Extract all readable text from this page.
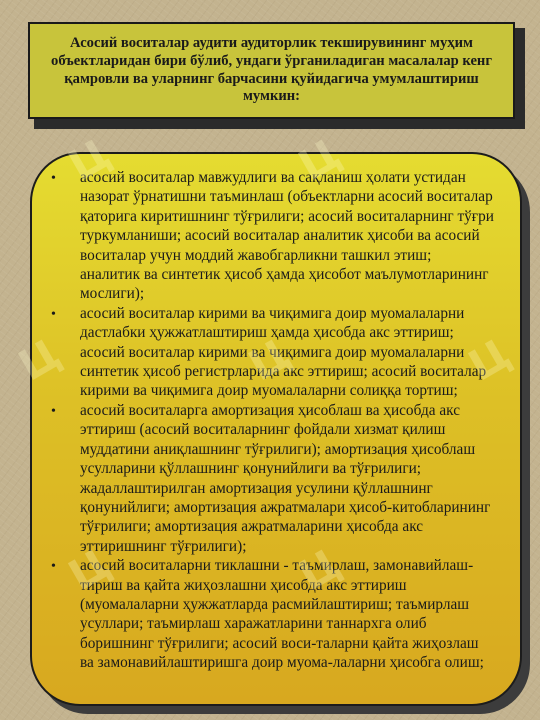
Асосий воситалар аудити аудиторлик текширувининг муҳим объектларидан бири бўлиб, ундаги ўрганиладиган масалалар кенг қамровли ва уларнинг барчасини қуйидагича умумлаштириш мумкин:

• асосий воситалар мавжудлиги ва сақланиш ҳолати устидан назорат ўрнатишни таъминлаш (объектларни асосий воситалар қаторига киритишнинг тўғрилиги; асосий воситаларнинг тўғри туркумланиши; асосий воситалар аналитик ҳисоби ва асосий воситалар учун моддий жавобгарликни ташкил этиш; аналитик ва синтетик ҳисоб ҳамда ҳисобот маълумотларининг мослиги);
• асосий воситалар кирими ва чиқимига доир муомалаларни дастлабки ҳужжатлаштириш ҳамда ҳисобда акс эттириш; асосий воситалар кирими ва чиқимига доир муомалаларни синтетик ҳисоб регистрларида акс эттириш; асосий воситалар кирими ва чиқимига доир муомалаларни солиққа тортиш;
• асосий воситаларга амортизация ҳисоблаш ва ҳисобда акс эттириш (асосий воситаларнинг фойдали хизмат қилиш муддатини аниқлашнинг тўғрилиги); амортизация ҳисоблаш усулларини қўллашнинг қонунийлиги ва тўғрилиги; жадаллаштирилган амортизация усулини қўллашнинг қонунийлиги; амортизация ажратмалари ҳисоб-китобларининг тўғрилиги; амортизация ажратмаларини ҳисобда акс эттиришнинг тўғрилиги);
• асосий воситаларни тиклашни - таъмирлаш, замонавийлаш-тириш ва қайта жиҳозлашни ҳисобда акс эттириш (муомалаларни ҳужжатларда расмийлаштириш; таъмирлаш усуллари; таъмирлаш харажатларини таннархга олиб боришнинг тўғрилиги; асосий воси-таларни қайта жиҳозлаш ва замонавийлаштиришга доир муома-лаларни ҳисобга олиш;
Ц	Ц
Ц	Ц	Ц
Ц	Ц
